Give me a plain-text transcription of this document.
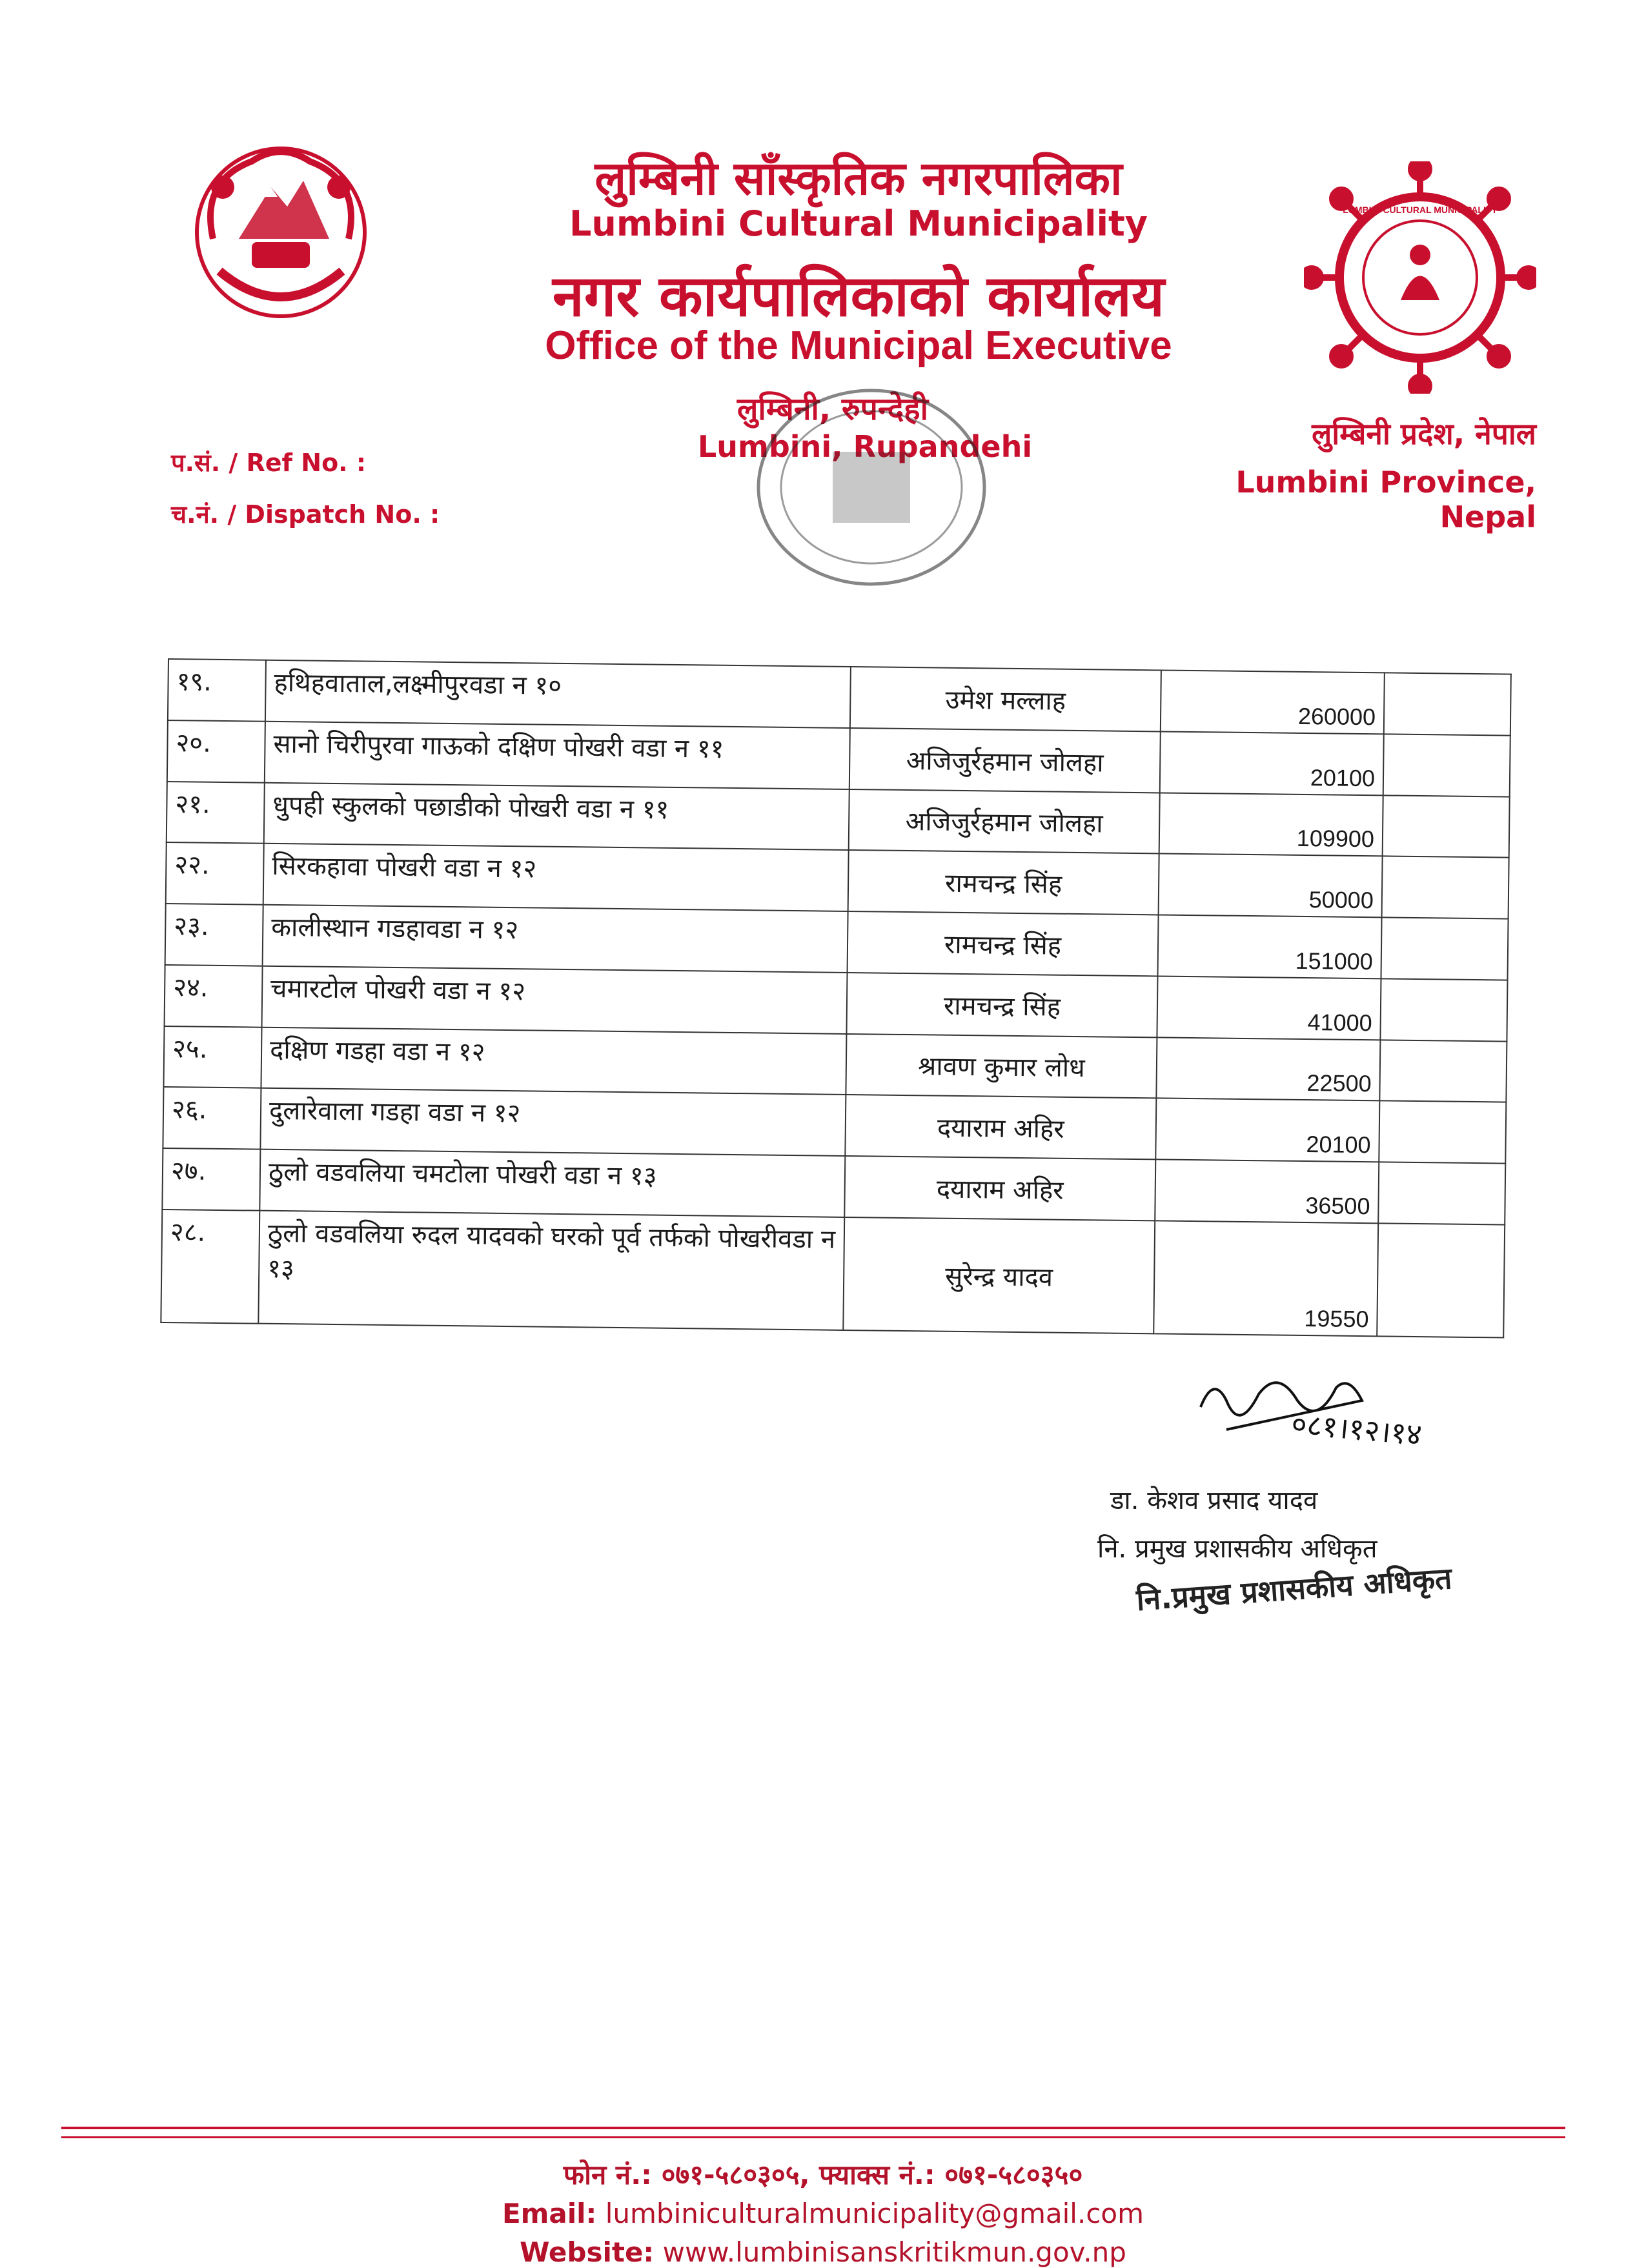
LUMBINI CULTURAL MUNICIPALITY
लुम्बिनी साँस्कृतिक नगरपालिका
Lumbini Cultural Municipality
नगर कार्यपालिकाको कार्यालय
Office of the Municipal Executive
लुम्बिनी, रुपन्देही
Lumbini, Rupandehi	लुम्बिनी प्रदेश, नेपाल
Lumbini Province, Nepal
प.सं. / Ref No. :
च.नं. / Dispatch No. :
१९.	हथिहवाताल,लक्ष्मीपुरवडा न १०	उमेश मल्लाह	260000	
२०.	सानो चिरीपुरवा गाऊको दक्षिण पोखरी वडा न ११	अजिजुर्रहमान जोलहा	20100	
२१.	धुपही स्कुलको पछाडीको पोखरी वडा न ११	अजिजुर्रहमान जोलहा	109900	
२२.	सिरकहावा पोखरी वडा न १२	रामचन्द्र सिंह	50000	
२३.	कालीस्थान गडहावडा न १२	रामचन्द्र सिंह	151000	
२४.	चमारटोल पोखरी वडा न १२	रामचन्द्र सिंह	41000	
२५.	दक्षिण गडहा वडा न १२	श्रावण कुमार लोध	22500	
२६.	दुलारेवाला गडहा वडा न १२	दयाराम अहिर	20100	
२७.	ठुलो वडवलिया चमटोला पोखरी वडा न १३	दयाराम अहिर	36500	
२८.	ठुलो वडवलिया रुदल यादवको घरको पूर्व तर्फको पोखरीवडा न १३	सुरेन्द्र यादव	19550	
०८१।१२।१४
डा. केशव प्रसाद यादव
नि. प्रमुख प्रशासकीय अधिकृत
नि.प्रमुख प्रशासकीय अधिकृत
फोन नं.: ०७१-५८०३०५, फ्याक्स नं.: ०७१-५८०३५०
Email: lumbiniculturalmunicipality@gmail.com
Website: www.lumbinisanskritikmun.gov.np
